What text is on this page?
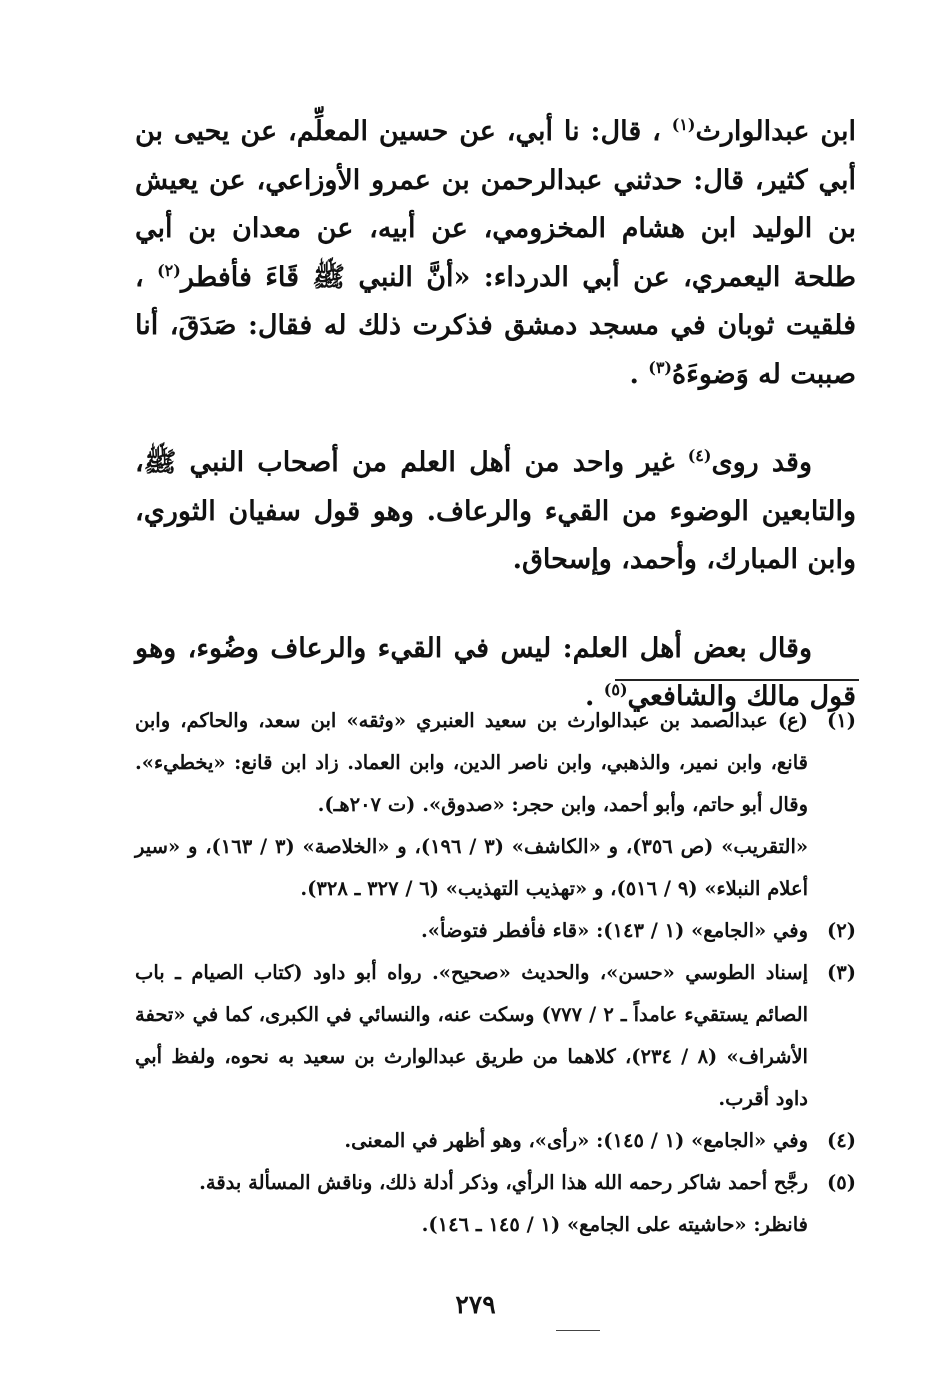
ابن عبدالوارث$^{(١)}$ ، قال: نا أبي، عن حسين المعلِّم، عن يحيى بن أبي كثير، قال: حدثني عبدالرحمن بن عمرو الأوزاعي، عن يعيش بن الوليد ابن هشام المخزومي، عن أبيه، عن معدان بن أبي طلحة اليعمري، عن أبي الدرداء: «أنَّ النبي ﷺ قَاءَ فأفطر$^{(٢)}$ ، فلقيت ثوبان في مسجد دمشق فذكرت ذلك له فقال: صَدَقَ، أنا صببت له وَضوءَهُ$^{(٣)}$ .

وقد روى$^{(٤)}$ غير واحد من أهل العلم من أصحاب النبي ﷺ، والتابعين الوضوء من القيء والرعاف. وهو قول سفيان الثوري، وابن المبارك، وأحمد، وإسحاق.

وقال بعض أهل العلم: ليس في القيء والرعاف وضُوء، وهو قول مالك والشافعي$^{(٥)}$ .

(١)
(ع) عبدالصمد بن عبدالوارث بن سعيد العنبري «وثقه» ابن سعد، والحاكم، وابن قانع، وابن نمير، والذهبي، وابن ناصر الدين، وابن العماد. زاد ابن قانع: «يخطيء». وقال أبو حاتم، وأبو أحمد، وابن حجر: «صدوق». (ت ٢٠٧هـ).
«التقريب» (ص ٣٥٦)، و «الكاشف» (٣ / ١٩٦)، و «الخلاصة» (٣ / ١٦٣)، و «سير أعلام النبلاء» (٩ / ٥١٦)، و «تهذيب التهذيب» (٦ / ٣٢٧ ـ ٣٢٨).
(٢)
وفي «الجامع» (١ / ١٤٣): «قاء فأفطر فتوضأ».
(٣)
إسناد الطوسي «حسن»، والحديث «صحيح». رواه أبو داود (كتاب الصيام ـ باب الصائم يستقيء عامداً ـ ٢ / ٧٧٧) وسكت عنه، والنسائي في الكبرى، كما في «تحفة الأشراف» (٨ / ٢٣٤)، كلاهما من طريق عبدالوارث بن سعيد به نحوه، ولفظ أبي داود أقرب.
(٤)
وفي «الجامع» (١ / ١٤٥): «رأى»، وهو أظهر في المعنى.
(٥)
رجَّح أحمد شاكر رحمه الله هذا الرأي، وذكر أدلة ذلك، وناقش المسألة بدقة.
فانظر: «حاشيته على الجامع» (١ / ١٤٥ ـ ١٤٦).
٢٧٩
